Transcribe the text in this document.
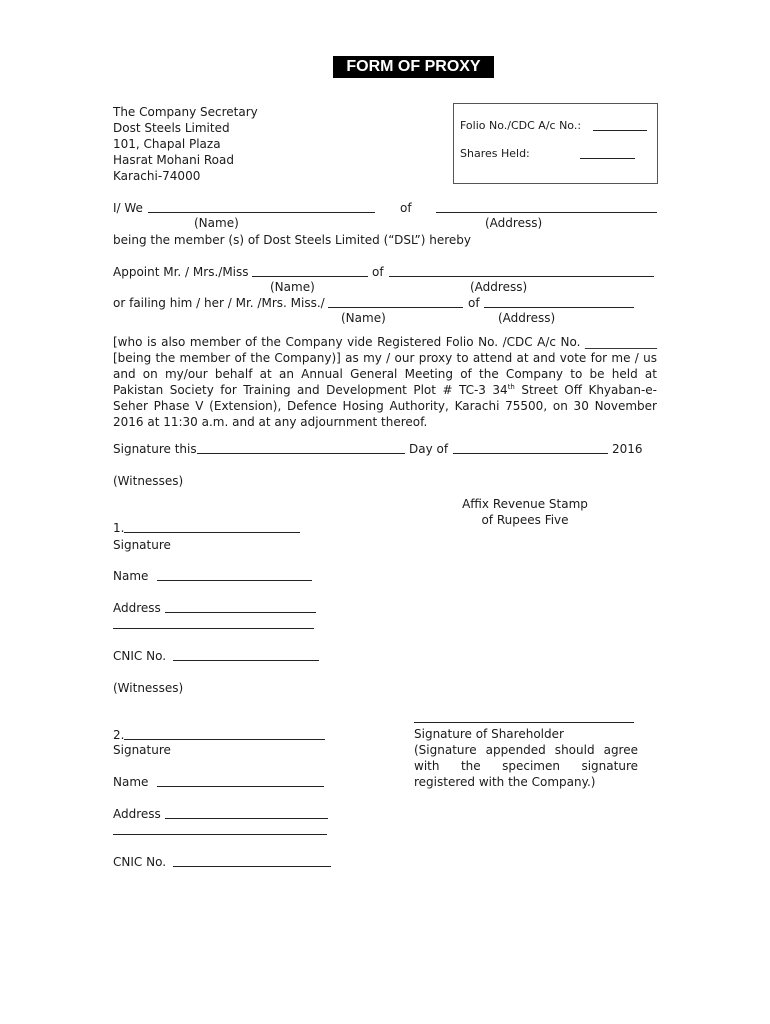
FORM OF PROXY
The Company Secretary
Dost Steels Limited
101, Chapal Plaza
Hasrat Mohani Road
Karachi-74000
Folio No./CDC A/c No.:
Shares Held:
I/ We	of
(Name)	(Address)
being the member (s) of Dost Steels Limited (“DSL”) hereby
Appoint Mr. / Mrs./Miss	of
(Name)	(Address)
or failing him / her / Mr. /Mrs. Miss./	of
(Name)	(Address)
[who is also member of the Company vide Registered Folio No. /CDC A/c No. ____________ [being the member of the Company)] as my / our proxy to attend at and vote for me / us and on my/our behalf at an Annual General Meeting of the Company to be held at Pakistan Society for Training and Development Plot # TC-3 34th Street Off Khyaban-e-Seher Phase V (Extension), Defence Hosing Authority, Karachi 75500, on 30 November 2016 at 11:30 a.m. and at any adjournment thereof.
Signature this	Day of	2016
(Witnesses)
Affix Revenue Stamp
of Rupees Five
1.
Signature
Name
Address
CNIC No.
(Witnesses)
2.
Signature
Name
Address
CNIC No.
Signature of Shareholder
(Signature appended should agree with the specimen signature registered with the Company.)
